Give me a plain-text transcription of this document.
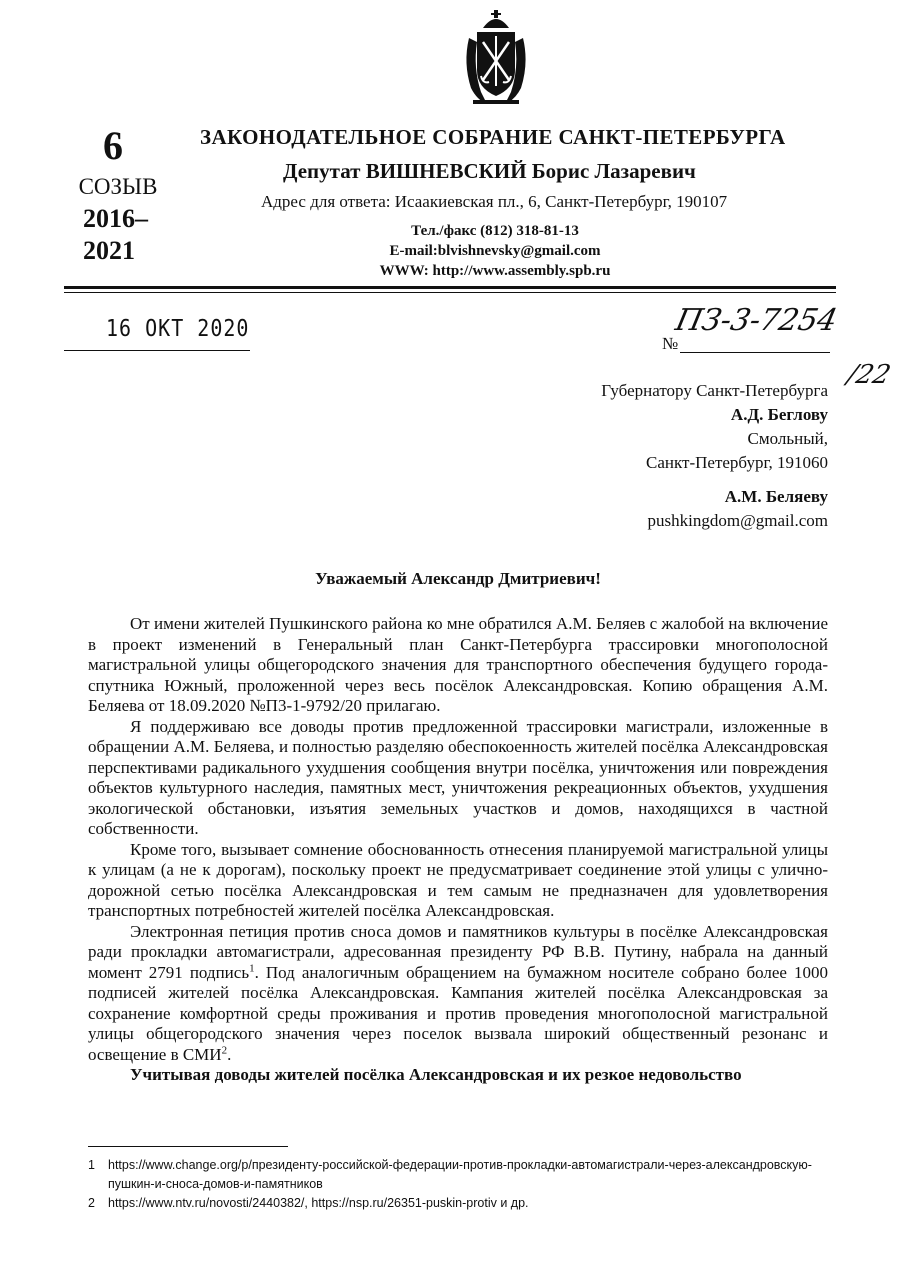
6
СОЗЫВ
2016–
2021
ЗАКОНОДАТЕЛЬНОЕ СОБРАНИЕ САНКТ-ПЕТЕРБУРГА
Депутат ВИШНЕВСКИЙ Борис Лазаревич
Адрес для ответа: Исаакиевская пл., 6, Санкт-Петербург, 190107
Тел./факс (812) 318-81-13
E-mail:blvishnevsky@gmail.com
WWW: http://www.assembly.spb.ru
16 ОКТ 2020	ПЗ-3-7254
№
/22
Губернатору Санкт-Петербурга
А.Д. Беглову
Смольный,
Санкт-Петербург, 191060
А.М. Беляеву
pushkingdom@gmail.com
Уважаемый Александр Дмитриевич!

От имени жителей Пушкинского района ко мне обратился А.М. Беляев с жалобой на включение в проект изменений в Генеральный план Санкт-Петербурга трассировки многополосной магистральной улицы общегородского значения для транспортного обеспечения будущего города-спутника Южный, проложенной через весь посёлок Александровская. Копию обращения А.М. Беляева от 18.09.2020 №П3-1-9792/20 прилагаю.

Я поддерживаю все доводы против предложенной трассировки магистрали, изложенные в обращении А.М. Беляева, и полностью разделяю обеспокоенность жителей посёлка Александровская перспективами радикального ухудшения сообщения внутри посёлка, уничтожения или повреждения объектов культурного наследия, памятных мест, уничтожения рекреационных объектов, ухудшения экологической обстановки, изъятия земельных участков и домов, находящихся в частной собственности.

Кроме того, вызывает сомнение обоснованность отнесения планируемой магистральной улицы к улицам (а не к дорогам), поскольку проект не предусматривает соединение этой улицы с улично-дорожной сетью посёлка Александровская и тем самым не предназначен для удовлетворения транспортных потребностей жителей посёлка Александровская.

Электронная петиция против сноса домов и памятников культуры в посёлке Александровская ради прокладки автомагистрали, адресованная президенту РФ В.В. Путину, набрала на данный момент 2791 подпись$^1$. Под аналогичным обращением на бумажном носителе собрано более 1000 подписей жителей посёлка Александровская. Кампания жителей посёлка Александровская за сохранение комфортной среды проживания и против проведения многополосной магистральной улицы общегородского значения через поселок вызвала широкий общественный резонанс и освещение в СМИ$^2$.

Учитывая доводы жителей посёлка Александровская и их резкое недовольство

1	https://www.change.org/p/президенту-российской-федерации-против-прокладки-автомагистрали-через-александровскую-пушкин-и-сноса-домов-и-памятников
2	https://www.ntv.ru/novosti/2440382/, https://nsp.ru/26351-puskin-protiv и др.
